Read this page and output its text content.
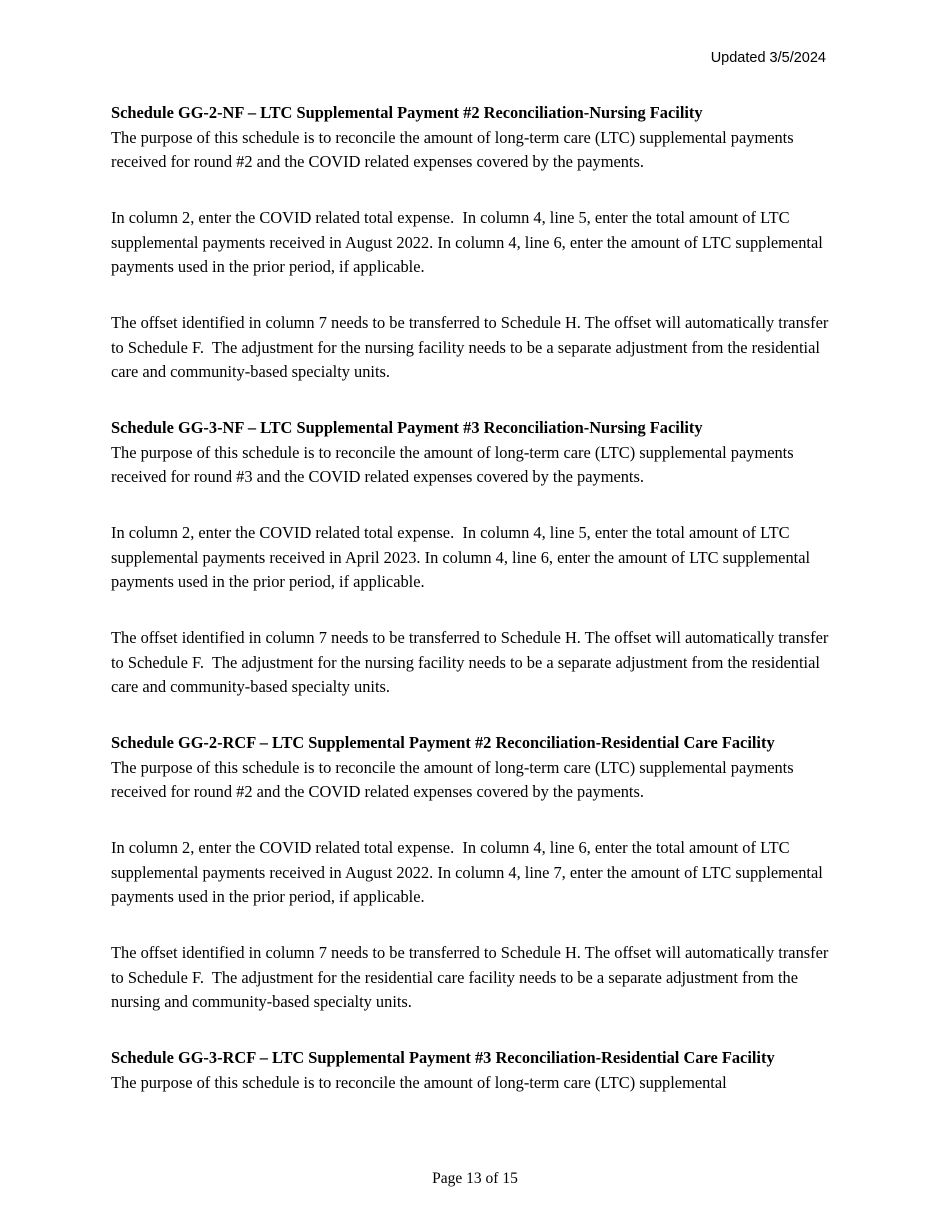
Updated 3/5/2024

Schedule GG-2-NF – LTC Supplemental Payment #2 Reconciliation-Nursing Facility

The purpose of this schedule is to reconcile the amount of long-term care (LTC) supplemental payments received for round #2 and the COVID related expenses covered by the payments.

In column 2, enter the COVID related total expense.  In column 4, line 5, enter the total amount of LTC supplemental payments received in August 2022. In column 4, line 6, enter the amount of LTC supplemental payments used in the prior period, if applicable.

The offset identified in column 7 needs to be transferred to Schedule H. The offset will automatically transfer to Schedule F.  The adjustment for the nursing facility needs to be a separate adjustment from the residential care and community-based specialty units.

Schedule GG-3-NF – LTC Supplemental Payment #3 Reconciliation-Nursing Facility

The purpose of this schedule is to reconcile the amount of long-term care (LTC) supplemental payments received for round #3 and the COVID related expenses covered by the payments.

In column 2, enter the COVID related total expense.  In column 4, line 5, enter the total amount of LTC supplemental payments received in April 2023. In column 4, line 6, enter the amount of LTC supplemental payments used in the prior period, if applicable.

The offset identified in column 7 needs to be transferred to Schedule H. The offset will automatically transfer to Schedule F.  The adjustment for the nursing facility needs to be a separate adjustment from the residential care and community-based specialty units.

Schedule GG-2-RCF – LTC Supplemental Payment #2 Reconciliation-Residential Care Facility

The purpose of this schedule is to reconcile the amount of long-term care (LTC) supplemental payments received for round #2 and the COVID related expenses covered by the payments.

In column 2, enter the COVID related total expense.  In column 4, line 6, enter the total amount of LTC supplemental payments received in August 2022. In column 4, line 7, enter the amount of LTC supplemental payments used in the prior period, if applicable.

The offset identified in column 7 needs to be transferred to Schedule H. The offset will automatically transfer to Schedule F.  The adjustment for the residential care facility needs to be a separate adjustment from the nursing and community-based specialty units.

Schedule GG-3-RCF – LTC Supplemental Payment #3 Reconciliation-Residential Care Facility

The purpose of this schedule is to reconcile the amount of long-term care (LTC) supplemental

Page 13 of 15
